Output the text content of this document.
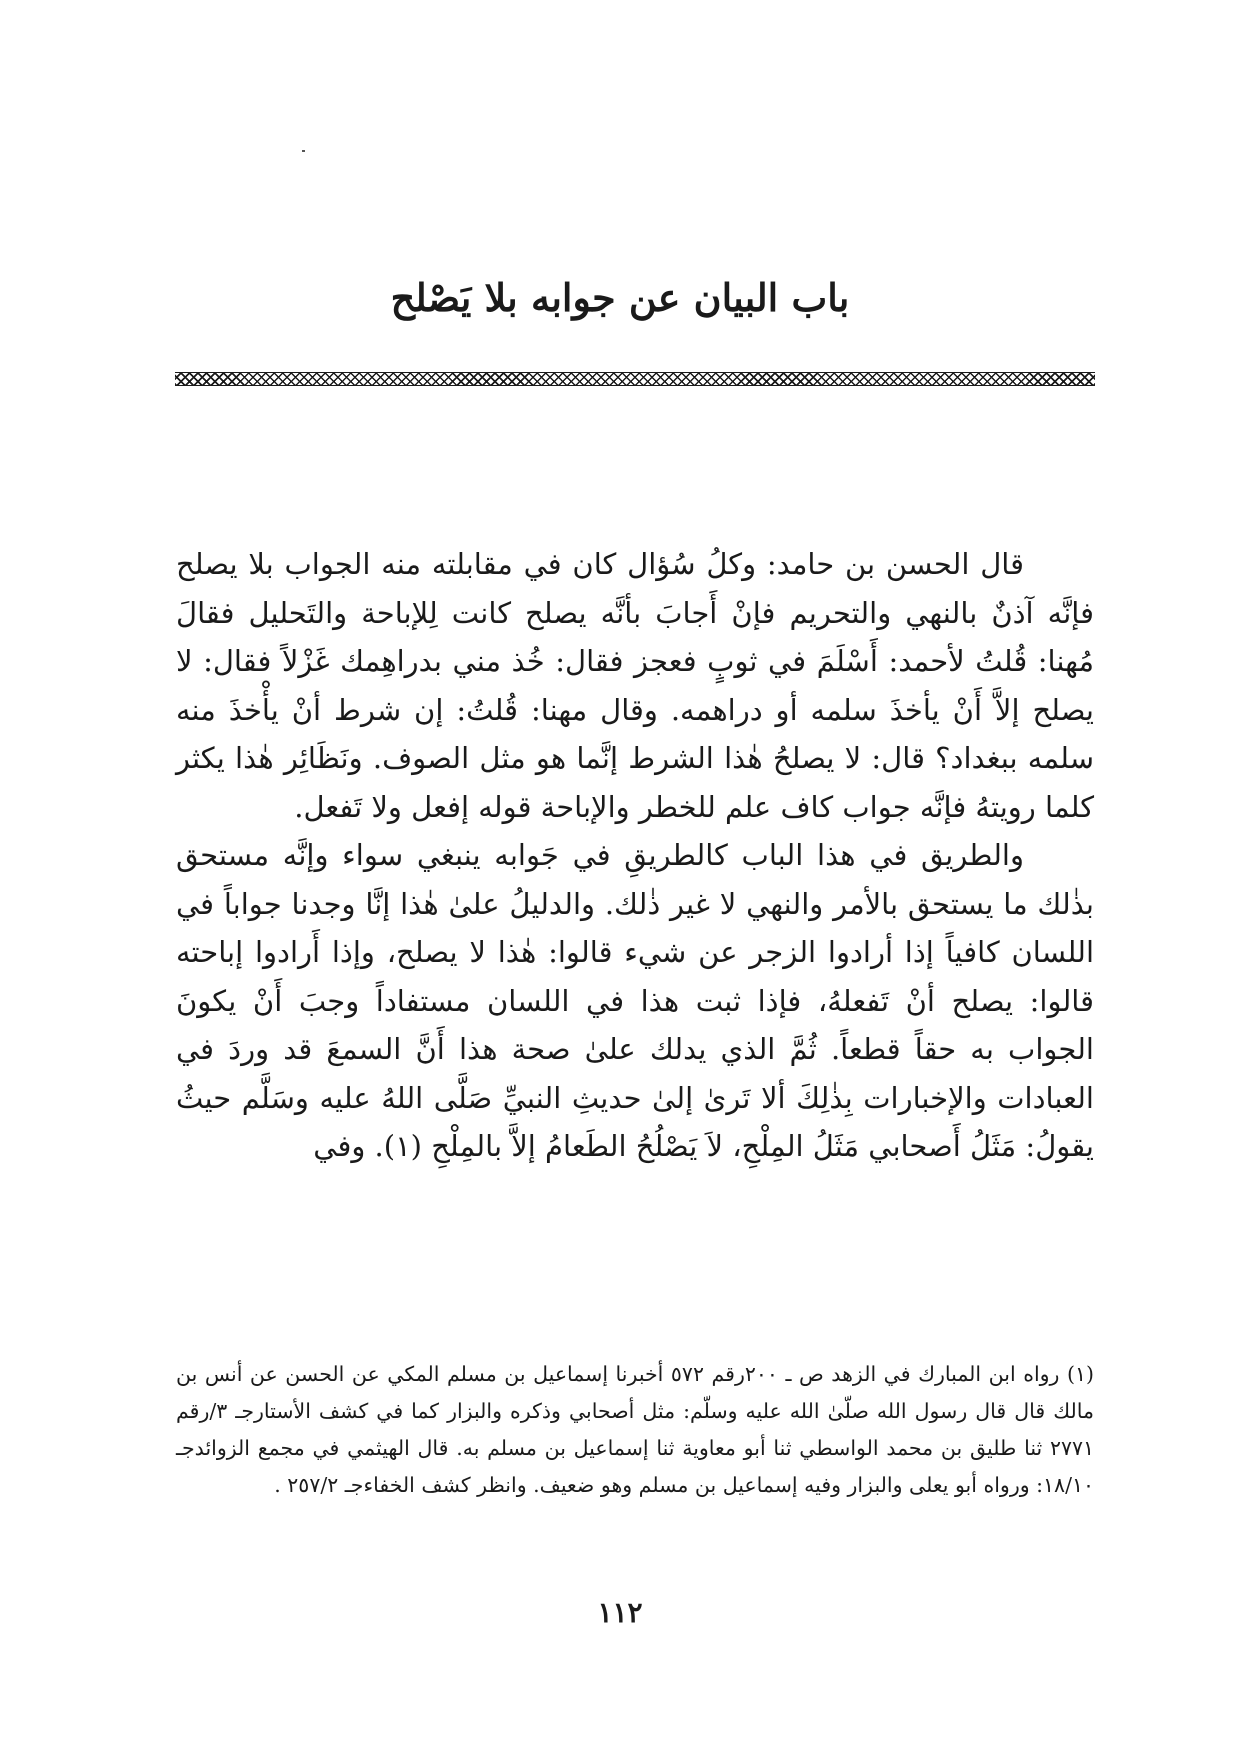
باب البيان عن جوابه بلا يَصْلح

قال الحسن بن حامد: وكلُ سُؤال كان في مقابلته منه الجواب بلا يصلح فإنَّه آذنٌ بالنهي والتحريم فإنْ أَجابَ بأنَّه يصلح كانت لِلإباحة والتَحليل فقالَ مُهنا: قُلتُ لأحمد: أَسْلَمَ في ثوبٍ فعجز فقال: خُذ مني بدراهِمك غَزْلاً فقال: لا يصلح إلاَّ أَنْ يأخذَ سلمه أو دراهمه. وقال مهنا: قُلتُ: إن شرط أنْ يأْخذَ منه سلمه ببغداد؟ قال: لا يصلحُ هٰذا الشرط إنَّما هو مثل الصوف. ونَظَائِر هٰذا يكثر كلما رويتهُ فإنَّه جواب كاف علم للخطر والإباحة قوله إفعل ولا تَفعل.

والطريق في هذا الباب كالطريقِ في جَوابه ينبغي سواء وإنَّه مستحق بذٰلك ما يستحق بالأمر والنهي لا غير ذٰلك. والدليلُ علىٰ هٰذا إنَّا وجدنا جواباً في اللسان كافياً إذا أرادوا الزجر عن شيء قالوا: هٰذا لا يصلح، وإذا أَرادوا إباحته قالوا: يصلح أنْ تَفعلهُ، فإذا ثبت هذا في اللسان مستفاداً وجبَ أَنْ يكونَ الجواب به حقاً قطعاً. ثُمَّ الذي يدلك علىٰ صحة هذا أَنَّ السمعَ قد وردَ في العبادات والإخبارات بِذٰلِكَ ألا تَرىٰ إلىٰ حديثِ النبيِّ صَلَّى اللهُ عليه وسَلَّم حيثُ يقولُ: مَثَلُ أَصحابي مَثَلُ المِلْحِ، لاَ يَصْلُحُ الطَعامُ إلاَّ بالمِلْحِ (١). وفي

(١) رواه ابن المبارك في الزهد ص ـ ٢٠٠رقم ٥٧٢ أخبرنا إسماعيل بن مسلم المكي عن الحسن عن أنس بن مالك قال قال رسول الله صلّىٰ الله عليه وسلّم: مثل أصحابي وذكره والبزار كما في كشف الأستارجـ ٣/رقم ٢٧٧١ ثنا طليق بن محمد الواسطي ثنا أبو معاوية ثنا إسماعيل بن مسلم به. قال الهيثمي في مجمع الزوائدجـ ١٨/١٠: ورواه أبو يعلى والبزار وفيه إسماعيل بن مسلم وهو ضعيف. وانظر كشف الخفاءجـ ٢٥٧/٢ .

١١٢
